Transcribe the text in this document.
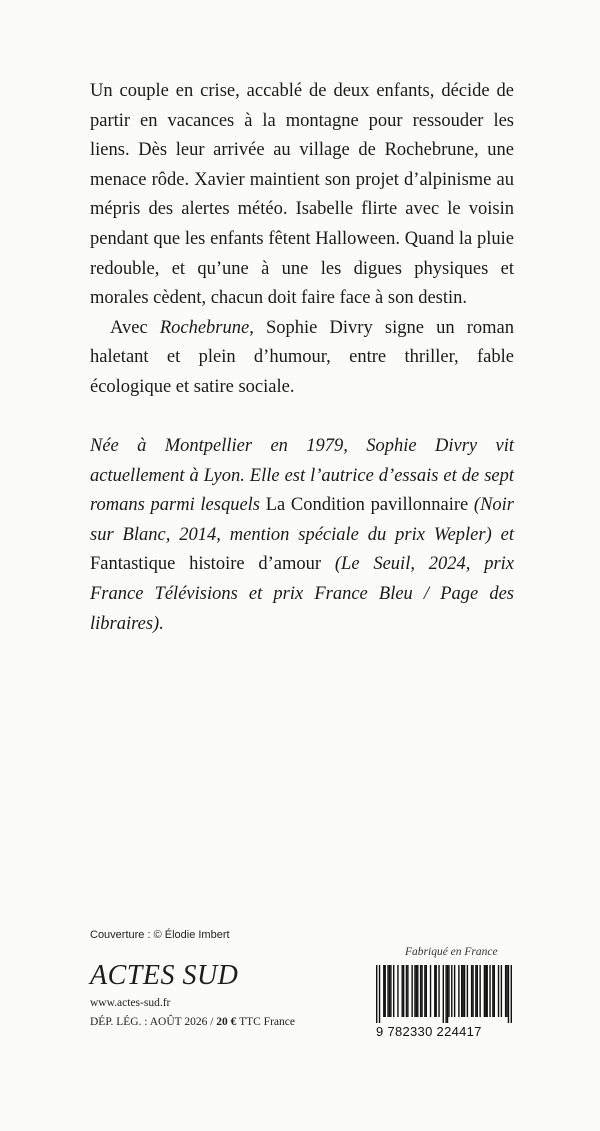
Un couple en crise, accablé de deux enfants, décide de partir en vacances à la montagne pour ressouder les liens. Dès leur arrivée au village de Rochebrune, une menace rôde. Xavier maintient son projet d’alpinisme au mépris des alertes météo. Isabelle flirte avec le voisin pendant que les enfants fêtent Halloween. Quand la pluie redouble, et qu’une à une les digues physiques et morales cèdent, chacun doit faire face à son destin.

Avec Rochebrune, Sophie Divry signe un roman haletant et plein d’humour, entre thriller, fable écologique et satire sociale.

Née à Montpellier en 1979, Sophie Divry vit actuellement à Lyon. Elle est l’autrice d’essais et de sept romans parmi lesquels La Condition pavillonnaire (Noir sur Blanc, 2014, mention spéciale du prix Wepler) et Fantastique histoire d’amour (Le Seuil, 2024, prix France Télévisions et prix France Bleu / Page des libraires).

Couverture : © Élodie Imbert
ACTES SUD
www.actes-sud.fr
DÉP. LÉG. : AOÛT 2026 / 20 € TTC France
Fabriqué en France
9 782330 224417
